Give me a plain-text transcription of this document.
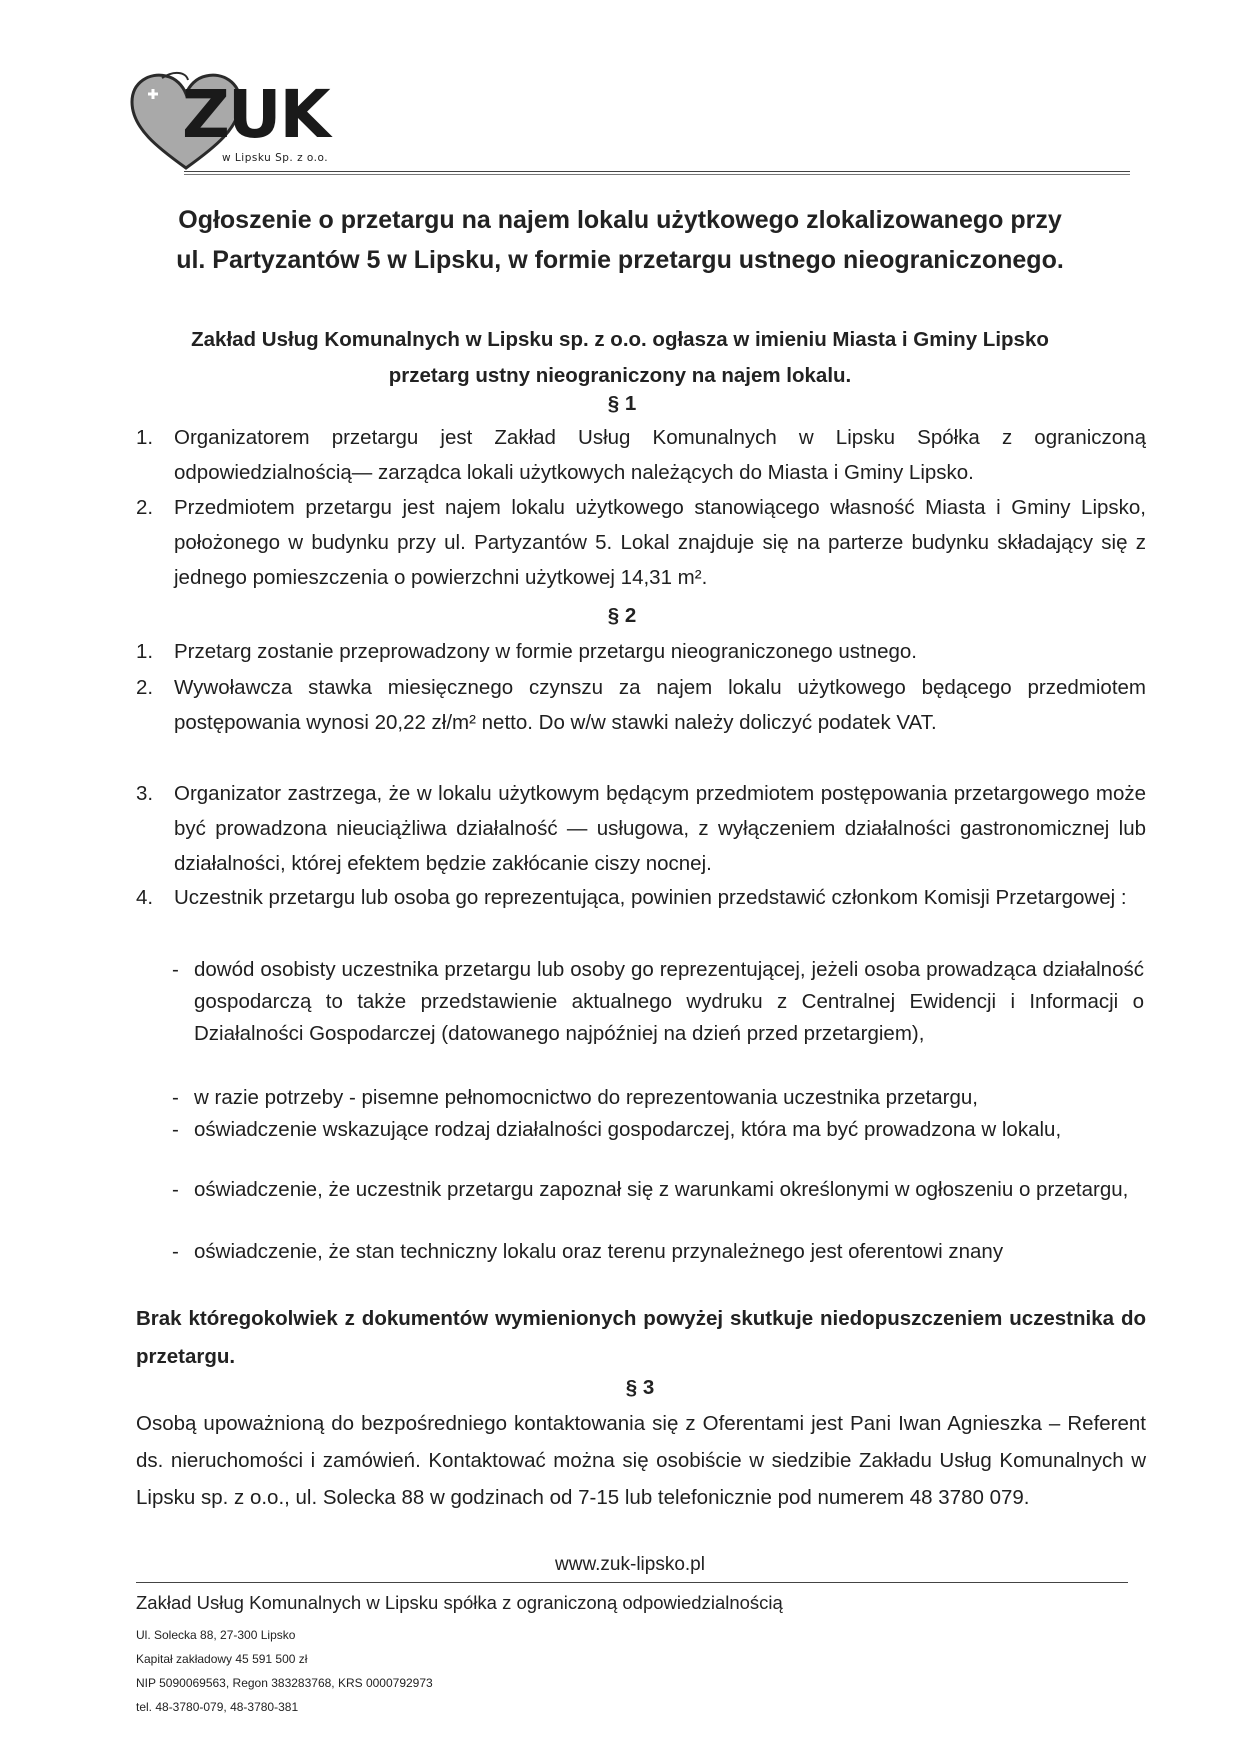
ZUK
w Lipsku Sp. z o.o.
Ogłoszenie o przetargu na najem lokalu użytkowego zlokalizowanego przy
ul. Partyzantów 5 w Lipsku, w formie przetargu ustnego nieograniczonego.
Zakład Usług Komunalnych w Lipsku sp. z o.o. ogłasza w imieniu Miasta i Gminy Lipsko
przetarg ustny nieograniczony na najem lokalu.
§ 1
1.	Organizatorem przetargu jest Zakład Usług Komunalnych w Lipsku Spółka z ograniczoną odpowiedzialnością— zarządca lokali użytkowych należących do Miasta i Gminy Lipsko.
2.	Przedmiotem przetargu jest najem lokalu użytkowego stanowiącego własność Miasta i Gminy Lipsko, położonego w budynku przy ul. Partyzantów 5. Lokal znajduje się na parterze budynku składający się z jednego pomieszczenia o powierzchni użytkowej 14,31 m².
§ 2
1.	Przetarg zostanie przeprowadzony w formie przetargu nieograniczonego ustnego.
2.	Wywoławcza stawka miesięcznego czynszu za najem lokalu użytkowego będącego przedmiotem postępowania wynosi 20,22 zł/m² netto. Do w/w stawki należy doliczyć podatek VAT.
3.	Organizator zastrzega, że w lokalu użytkowym będącym przedmiotem postępowania przetargowego może być prowadzona nieuciążliwa działalność — usługowa, z wyłączeniem działalności gastronomicznej lub działalności, której efektem będzie zakłócanie ciszy nocnej.
4.	Uczestnik przetargu lub osoba go reprezentująca, powinien przedstawić członkom Komisji Przetargowej :
- dowód osobisty uczestnika przetargu lub osoby go reprezentującej, jeżeli osoba prowadząca działalność gospodarczą to także przedstawienie aktualnego wydruku z Centralnej Ewidencji i Informacji o Działalności Gospodarczej (datowanego najpóźniej na dzień przed przetargiem),
- w razie potrzeby - pisemne pełnomocnictwo do reprezentowania uczestnika przetargu,
- oświadczenie wskazujące rodzaj działalności gospodarczej, która ma być prowadzona w lokalu,
- oświadczenie, że uczestnik przetargu zapoznał się z warunkami określonymi w ogłoszeniu o przetargu,
- oświadczenie, że stan techniczny lokalu oraz terenu przynależnego jest oferentowi znany
Brak któregokolwiek z dokumentów wymienionych powyżej skutkuje niedopuszczeniem uczestnika do przetargu.
§ 3
Osobą upoważnioną do bezpośredniego kontaktowania się z Oferentami jest Pani Iwan Agnieszka – Referent ds. nieruchomości i zamówień. Kontaktować można się osobiście w siedzibie Zakładu Usług Komunalnych w Lipsku sp. z o.o., ul. Solecka 88 w godzinach od 7-15 lub telefonicznie pod numerem 48 3780 079.
www.zuk-lipsko.pl
Zakład Usług Komunalnych w Lipsku spółka z ograniczoną odpowiedzialnością
Ul. Solecka 88, 27-300 Lipsko
Kapitał zakładowy 45 591 500 zł
NIP 5090069563, Regon 383283768, KRS 0000792973
tel. 48-3780-079, 48-3780-381
